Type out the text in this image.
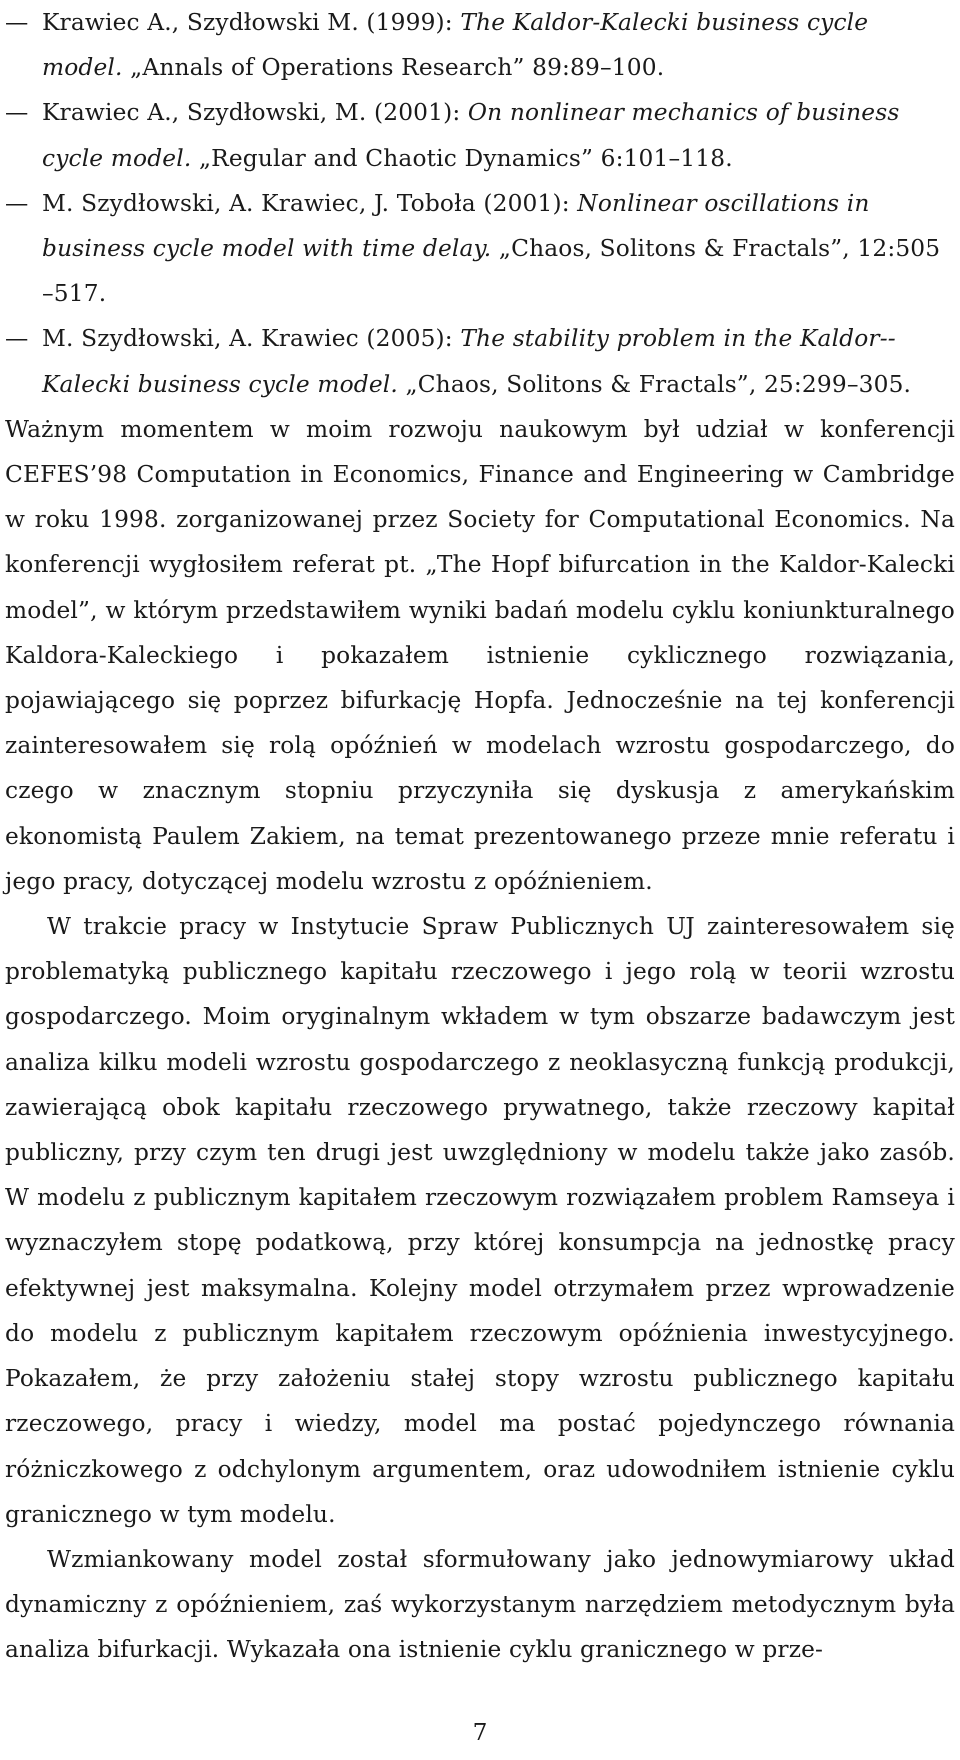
— Krawiec A., Szydłowski M. (1999): The Kaldor-Kalecki business cycle model. „Annals of Operations Research” 89:89–100.
— Krawiec A., Szydłowski, M. (2001): On nonlinear mechanics of business cycle model. „Regular and Chaotic Dynamics” 6:101–118.
— M. Szydłowski, A. Krawiec, J. Toboła (2001): Nonlinear oscillations in business cycle model with time delay. „Chaos, Solitons & Fractals”, 12:505 –517.
— M. Szydłowski, A. Krawiec (2005): The stability problem in the Kaldor--Kalecki business cycle model. „Chaos, Solitons & Fractals”, 25:299–305.

Ważnym momentem w moim rozwoju naukowym był udział w konferencji CEFES’98 Computation in Economics, Finance and Engineering w Cambridge w roku 1998. zorganizowanej przez Society for Computational Economics. Na konferencji wygłosiłem referat pt. „The Hopf bifurcation in the Kaldor-Kalecki model”, w którym przedstawiłem wyniki badań modelu cyklu koniunkturalnego Kaldora-Kaleckiego i pokazałem istnienie cyklicznego rozwiązania, pojawiającego się poprzez bifurkację Hopfa. Jednocześnie na tej konferencji zainteresowałem się rolą opóźnień w modelach wzrostu gospodarczego, do czego w znacznym stopniu przyczyniła się dyskusja z amerykańskim ekonomistą Paulem Zakiem, na temat prezentowanego przeze mnie referatu i jego pracy, dotyczącej modelu wzrostu z opóźnieniem.

W trakcie pracy w Instytucie Spraw Publicznych UJ zainteresowałem się problematyką publicznego kapitału rzeczowego i jego rolą w teorii wzrostu gospodarczego. Moim oryginalnym wkładem w tym obszarze badawczym jest analiza kilku modeli wzrostu gospodarczego z neoklasyczną funkcją produkcji, zawierającą obok kapitału rzeczowego prywatnego, także rzeczowy kapitał publiczny, przy czym ten drugi jest uwzględniony w modelu także jako zasób. W modelu z publicznym kapitałem rzeczowym rozwiązałem problem Ramseya i wyznaczyłem stopę podatkową, przy której konsumpcja na jednostkę pracy efektywnej jest maksymalna. Kolejny model otrzymałem przez wprowadzenie do modelu z publicznym kapitałem rzeczowym opóźnienia inwestycyjnego. Pokazałem, że przy założeniu stałej stopy wzrostu publicznego kapitału rzeczowego, pracy i wiedzy, model ma postać pojedynczego równania różniczkowego z odchylonym argumentem, oraz udowodniłem istnienie cyklu granicznego w tym modelu.

Wzmiankowany model został sformułowany jako jednowymiarowy układ dynamiczny z opóźnieniem, zaś wykorzystanym narzędziem metodycznym była analiza bifurkacji. Wykazała ona istnienie cyklu granicznego w prze-

7
